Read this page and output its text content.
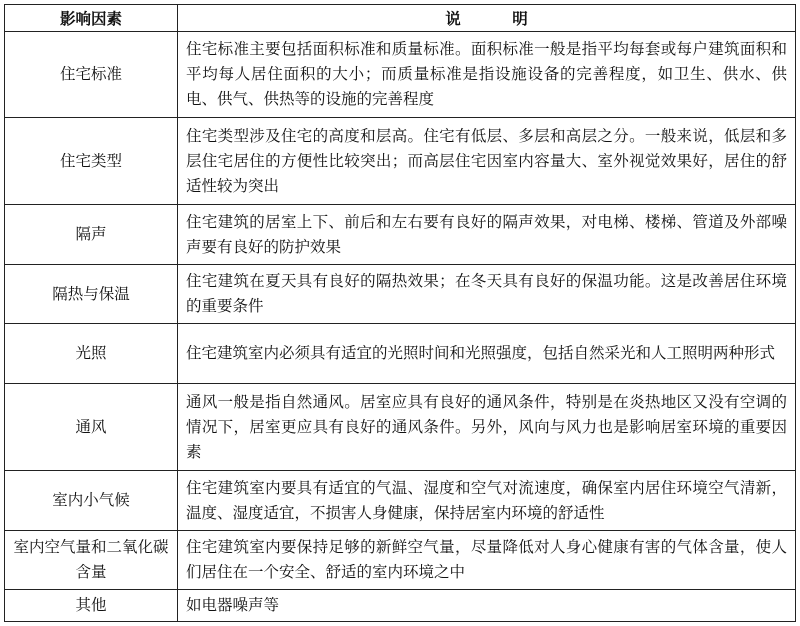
影响因素	说　明
住宅标准	住宅标准主要包括面积标准和质量标准。面积标准一般是指平均每套或每户建筑面积和平均每人居住面积的大小；而质量标准是指设施设备的完善程度，如卫生、供水、供电、供气、供热等的设施的完善程度
住宅类型	住宅类型涉及住宅的高度和层高。住宅有低层、多层和高层之分。一般来说，低层和多层住宅居住的方便性比较突出；而高层住宅因室内容量大、室外视觉效果好，居住的舒适性较为突出
隔声	住宅建筑的居室上下、前后和左右要有良好的隔声效果，对电梯、楼梯、管道及外部噪声要有良好的防护效果
隔热与保温	住宅建筑在夏天具有良好的隔热效果；在冬天具有良好的保温功能。这是改善居住环境的重要条件
光照	住宅建筑室内必须具有适宜的光照时间和光照强度，包括自然采光和人工照明两种形式
通风	通风一般是指自然通风。居室应具有良好的通风条件，特别是在炎热地区又没有空调的情况下，居室更应具有良好的通风条件。另外，风向与风力也是影响居室环境的重要因素
室内小气候	住宅建筑室内要具有适宜的气温、湿度和空气对流速度，确保室内居住环境空气清新，温度、湿度适宜，不损害人身健康，保持居室内环境的舒适性
室内空气量和二氧化碳含量	住宅建筑室内要保持足够的新鲜空气量，尽量降低对人身心健康有害的气体含量，使人们居住在一个安全、舒适的室内环境之中
其他	如电器噪声等
